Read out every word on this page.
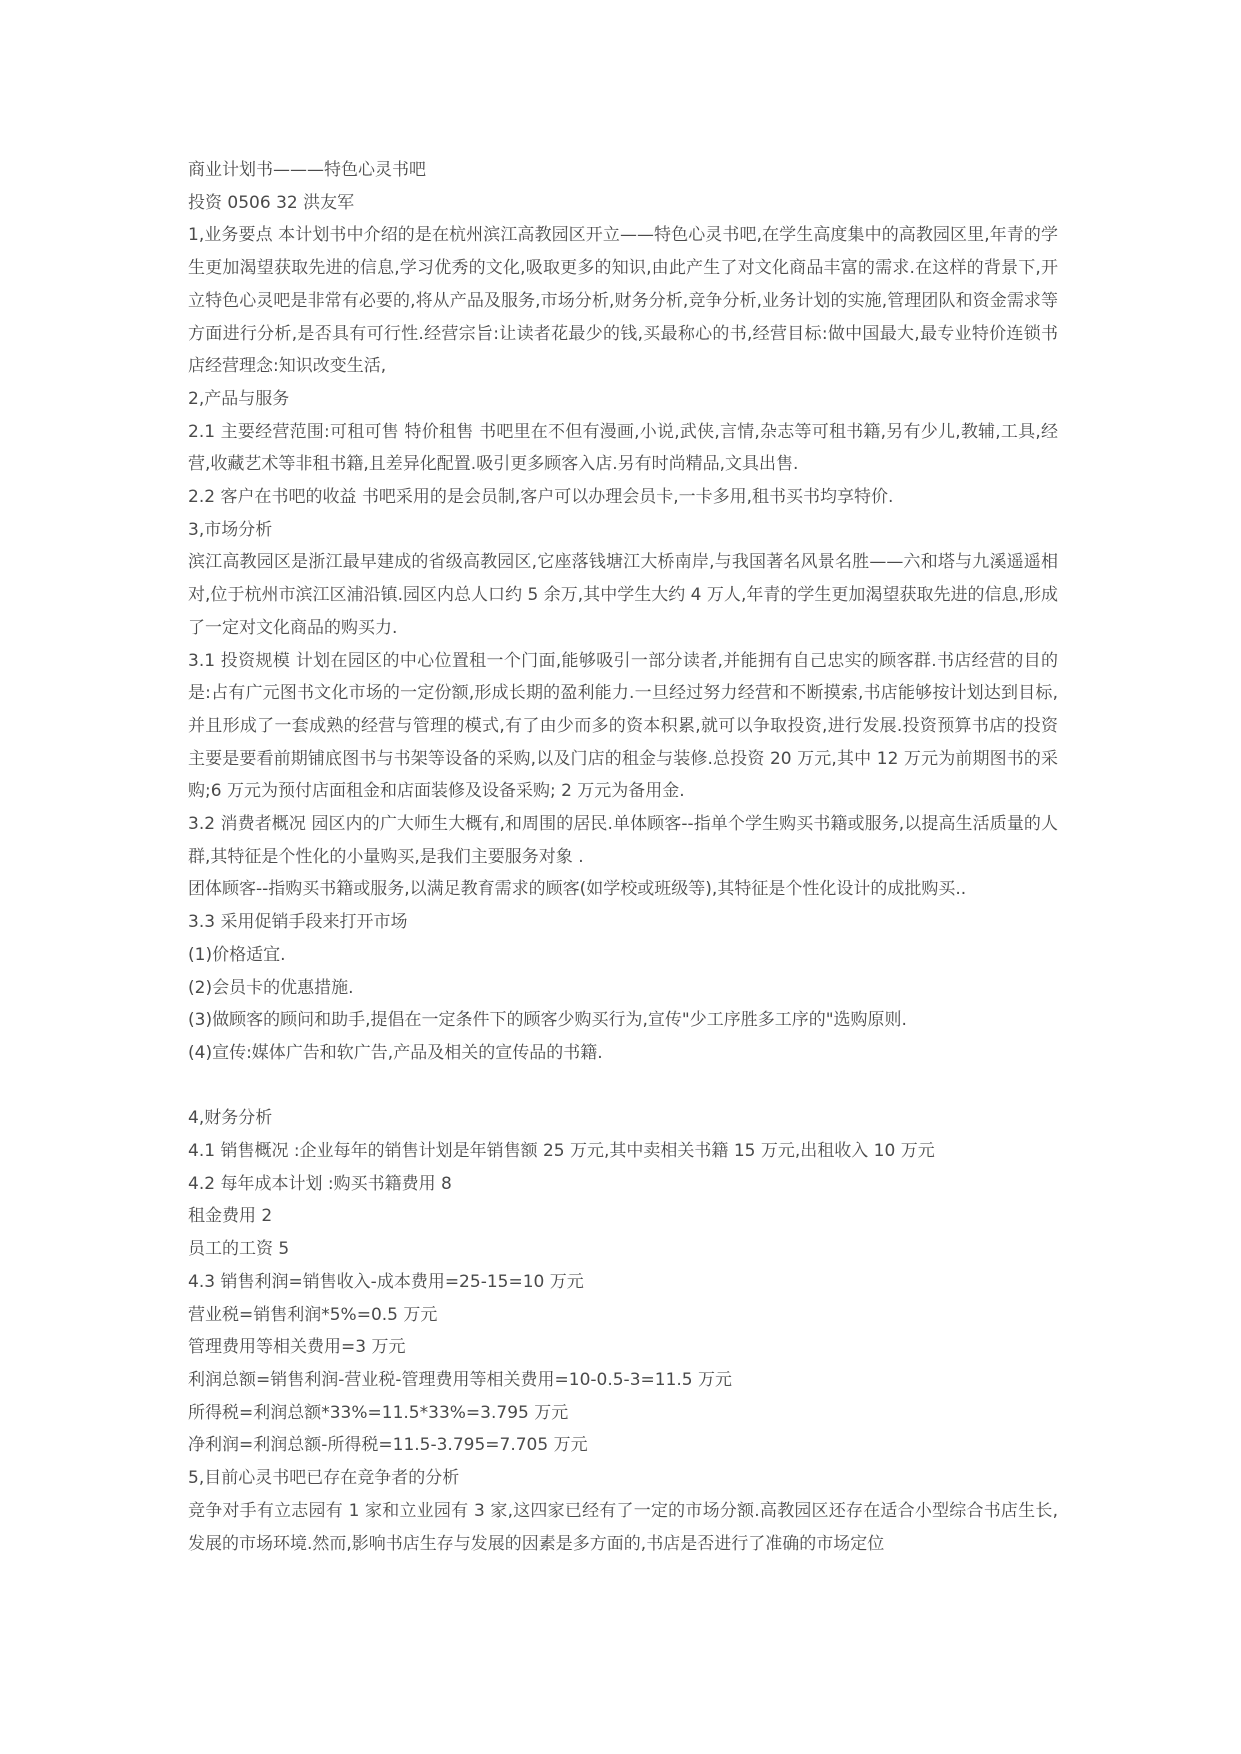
商业计划书———特色心灵书吧

投资 0506 32 洪友军

1,业务要点 本计划书中介绍的是在杭州滨江高教园区开立——特色心灵书吧,在学生高度集中的高教园区里,年青的学生更加渴望获取先进的信息,学习优秀的文化,吸取更多的知识,由此产生了对文化商品丰富的需求.在这样的背景下,开立特色心灵吧是非常有必要的,将从产品及服务,市场分析,财务分析,竞争分析,业务计划的实施,管理团队和资金需求等方面进行分析,是否具有可行性.经营宗旨:让读者花最少的钱,买最称心的书,经营目标:做中国最大,最专业特价连锁书店经营理念:知识改变生活,

2,产品与服务

2.1 主要经营范围:可租可售 特价租售 书吧里在不但有漫画,小说,武侠,言情,杂志等可租书籍,另有少儿,教辅,工具,经营,收藏艺术等非租书籍,且差异化配置.吸引更多顾客入店.另有时尚精品,文具出售.

2.2 客户在书吧的收益 书吧采用的是会员制,客户可以办理会员卡,一卡多用,租书买书均享特价.

3,市场分析

滨江高教园区是浙江最早建成的省级高教园区,它座落钱塘江大桥南岸,与我国著名风景名胜——六和塔与九溪遥遥相对,位于杭州市滨江区浦沿镇.园区内总人口约 5 余万,其中学生大约 4 万人,年青的学生更加渴望获取先进的信息,形成了一定对文化商品的购买力.

3.1 投资规模 计划在园区的中心位置租一个门面,能够吸引一部分读者,并能拥有自己忠实的顾客群.书店经营的目的是:占有广元图书文化市场的一定份额,形成长期的盈利能力.一旦经过努力经营和不断摸索,书店能够按计划达到目标,并且形成了一套成熟的经营与管理的模式,有了由少而多的资本积累,就可以争取投资,进行发展.投资预算书店的投资主要是要看前期铺底图书与书架等设备的采购,以及门店的租金与装修.总投资 20 万元,其中 12 万元为前期图书的采购;6 万元为预付店面租金和店面装修及设备采购; 2 万元为备用金.

3.2 消费者概况 园区内的广大师生大概有,和周围的居民.单体顾客--指单个学生购买书籍或服务,以提高生活质量的人群,其特征是个性化的小量购买,是我们主要服务对象 .

团体顾客--指购买书籍或服务,以满足教育需求的顾客(如学校或班级等),其特征是个性化设计的成批购买..

3.3 采用促销手段来打开市场

(1)价格适宜.

(2)会员卡的优惠措施.

(3)做顾客的顾问和助手,提倡在一定条件下的顾客少购买行为,宣传"少工序胜多工序的"选购原则.

(4)宣传:媒体广告和软广告,产品及相关的宣传品的书籍.

4,财务分析

4.1 销售概况 :企业每年的销售计划是年销售额 25 万元,其中卖相关书籍 15 万元,出租收入 10 万元

4.2 每年成本计划 :购买书籍费用 8

租金费用 2

员工的工资 5

4.3 销售利润=销售收入-成本费用=25-15=10 万元

营业税=销售利润*5%=0.5 万元

管理费用等相关费用=3 万元

利润总额=销售利润-营业税-管理费用等相关费用=10-0.5-3=11.5 万元

所得税=利润总额*33%=11.5*33%=3.795 万元

净利润=利润总额-所得税=11.5-3.795=7.705 万元

5,目前心灵书吧已存在竞争者的分析

竞争对手有立志园有 1 家和立业园有 3 家,这四家已经有了一定的市场分额.高教园区还存在适合小型综合书店生长,发展的市场环境.然而,影响书店生存与发展的因素是多方面的,书店是否进行了准确的市场定位
